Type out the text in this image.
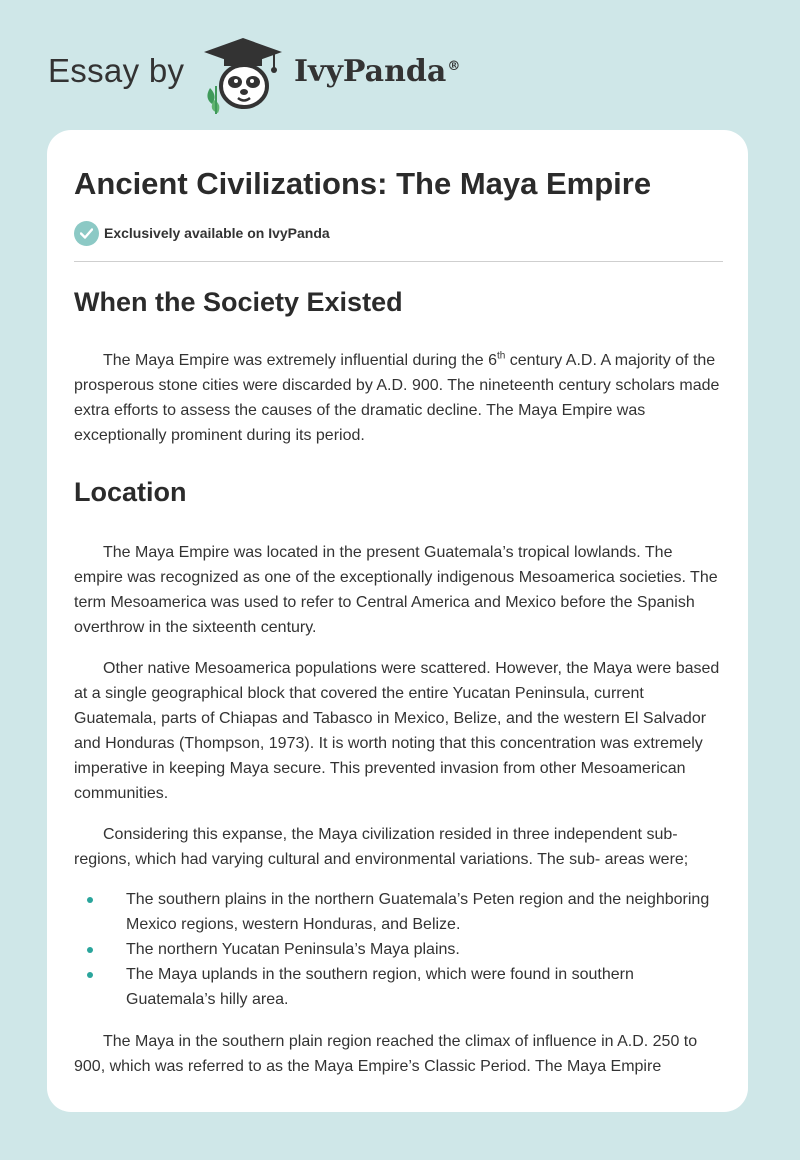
Essay by	IvyPanda®
Ancient Civilizations: The Maya Empire
Exclusively available on IvyPanda
When the Society Existed

The Maya Empire was extremely influential during the 6th century A.D. A majority of the prosperous stone cities were discarded by A.D. 900. The nineteenth century scholars made extra efforts to assess the causes of the dramatic decline. The Maya Empire was exceptionally prominent during its period.

Location

The Maya Empire was located in the present Guatemala’s tropical lowlands. The empire was recognized as one of the exceptionally indigenous Mesoamerica societies. The term Mesoamerica was used to refer to Central America and Mexico before the Spanish overthrow in the sixteenth century.

Other native Mesoamerica populations were scattered. However, the Maya were based at a single geographical block that covered the entire Yucatan Peninsula, current Guatemala, parts of Chiapas and Tabasco in Mexico, Belize, and the western El Salvador and Honduras (Thompson, 1973). It is worth noting that this concentration was extremely imperative in keeping Maya secure. This prevented invasion from other Mesoamerican communities.

Considering this expanse, the Maya civilization resided in three independent sub-regions, which had varying cultural and environmental variations. The sub- areas were;

The southern plains in the northern Guatemala’s Peten region and the neighboring Mexico regions, western Honduras, and Belize.
The northern Yucatan Peninsula’s Maya plains.
The Maya uplands in the southern region, which were found in southern Guatemala’s hilly area.

The Maya in the southern plain region reached the climax of influence in A.D. 250 to 900, which was referred to as the Maya Empire’s Classic Period. The Maya Empire
